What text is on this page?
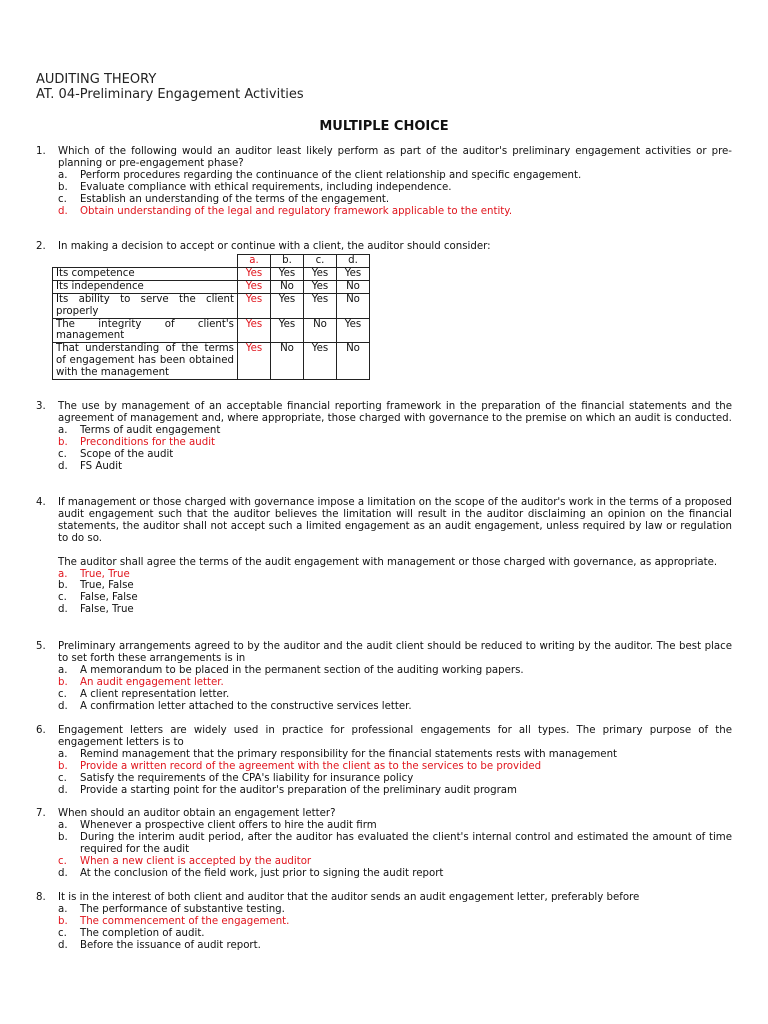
AUDITING THEORY
AT. 04-Preliminary Engagement Activities
MULTIPLE CHOICE
1.	Which of the following would an auditor least likely perform as part of the auditor's preliminary engagement activities or pre-planning or pre-engagement phase?
a.	Perform procedures regarding the continuance of the client relationship and specific engagement.
b.	Evaluate compliance with ethical requirements, including independence.
c.	Establish an understanding of the terms of the engagement.
d.	Obtain understanding of the legal and regulatory framework applicable to the entity.
2.	In making a decision to accept or continue with a client, the auditor should consider:
	a.	b.	c.	d.
Its competence	Yes	Yes	Yes	Yes
Its independence	Yes	No	Yes	No
Its ability to serve the client properly	Yes	Yes	Yes	No
The integrity of client's management	Yes	Yes	No	Yes
That understanding of the terms of engagement has been obtained with the management	Yes	No	Yes	No
3.	The use by management of an acceptable financial reporting framework in the preparation of the financial statements and the agreement of management and, where appropriate, those charged with governance to the premise on which an audit is conducted.
a.	Terms of audit engagement
b.	Preconditions for the audit
c.	Scope of the audit
d.	FS Audit
4.	If management or those charged with governance impose a limitation on the scope of the auditor's work in the terms of a proposed audit engagement such that the auditor believes the limitation will result in the auditor disclaiming an opinion on the financial statements, the auditor shall not accept such a limited engagement as an audit engagement, unless required by law or regulation to do so.
The auditor shall agree the terms of the audit engagement with management or those charged with governance, as appropriate.
a.	True, True
b.	True, False
c.	False, False
d.	False, True
5.	Preliminary arrangements agreed to by the auditor and the audit client should be reduced to writing by the auditor. The best place to set forth these arrangements is in
a.	A memorandum to be placed in the permanent section of the auditing working papers.
b.	An audit engagement letter.
c.	A client representation letter.
d.	A confirmation letter attached to the constructive services letter.
6.	Engagement letters are widely used in practice for professional engagements for all types. The primary purpose of the engagement letters is to
a.	Remind management that the primary responsibility for the financial statements rests with management
b.	Provide a written record of the agreement with the client as to the services to be provided
c.	Satisfy the requirements of the CPA's liability for insurance policy
d.	Provide a starting point for the auditor's preparation of the preliminary audit program
7.	When should an auditor obtain an engagement letter?
a.	Whenever a prospective client offers to hire the audit firm
b.	During the interim audit period, after the auditor has evaluated the client's internal control and estimated the amount of time required for the audit
c.	When a new client is accepted by the auditor
d.	At the conclusion of the field work, just prior to signing the audit report
8.	It is in the interest of both client and auditor that the auditor sends an audit engagement letter, preferably before
a.	The performance of substantive testing.
b.	The commencement of the engagement.
c.	The completion of audit.
d.	Before the issuance of audit report.
